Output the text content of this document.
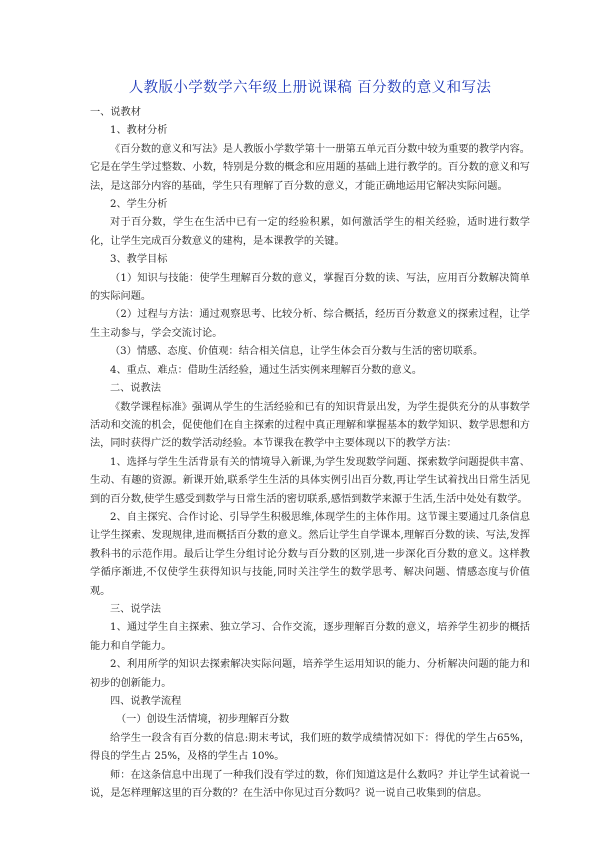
人教版小学数学六年级上册说课稿 百分数的意义和写法

一、说教材

1、教材分析

《百分数的意义和写法》是人教版小学数学第十一册第五单元百分数中较为重要的教学内容。它是在学生学过整数、小数，特别是分数的概念和应用题的基础上进行教学的。百分数的意义和写法，是这部分内容的基础，学生只有理解了百分数的意义，才能正确地运用它解决实际问题。

2、学生分析

对于百分数，学生在生活中已有一定的经验积累，如何激活学生的相关经验，适时进行数学化，让学生完成百分数意义的建构，是本课教学的关键。

3、教学目标

（1）知识与技能：使学生理解百分数的意义，掌握百分数的读、写法，应用百分数解决简单的实际问题。

（2）过程与方法：通过观察思考、比较分析、综合概括，经历百分数意义的探索过程，让学生主动参与，学会交流讨论。

（3）情感、态度、价值观：结合相关信息，让学生体会百分数与生活的密切联系。

4、重点、难点：借助生活经验，通过生活实例来理解百分数的意义。

二、说教法

《数学课程标准》强调从学生的生活经验和已有的知识背景出发，为学生提供充分的从事数学活动和交流的机会，促使他们在自主探索的过程中真正理解和掌握基本的数学知识、数学思想和方法，同时获得广泛的数学活动经验。本节课我在教学中主要体现以下的教学方法：

1、选择与学生生活背景有关的情境导入新课,为学生发现数学问题、探索数学问题提供丰富、生动、有趣的资源。新课开始,联系学生生活的具体实例引出百分数,再让学生试着找出日常生活见到的百分数,使学生感受到数学与日常生活的密切联系,感悟到数学来源于生活,生活中处处有数学。

2、自主探究、合作讨论、引导学生积极思维,体现学生的主体作用。这节课主要通过几条信息让学生探索、发现规律,进而概括百分数的意义。然后让学生自学课本,理解百分数的读、写法,发挥教科书的示范作用。最后让学生分组讨论分数与百分数的区别,进一步深化百分数的意义。这样教学循序渐进,不仅使学生获得知识与技能,同时关注学生的数学思考、解决问题、情感态度与价值观。

三、说学法

1、通过学生自主探索、独立学习、合作交流，逐步理解百分数的意义，培养学生初步的概括能力和自学能力。

2、利用所学的知识去探索解决实际问题，培养学生运用知识的能力、分析解决问题的能力和初步的创新能力。

四、说教学流程

（一）创设生活情境，初步理解百分数

给学生一段含有百分数的信息:期末考试，我们班的数学成绩情况如下：得优的学生占65%，得良的学生占 25%，及格的学生占 10%。

师：在这条信息中出现了一种我们没有学过的数，你们知道这是什么数吗？并让学生试着说一说，是怎样理解这里的百分数的？在生活中你见过百分数吗？说一说自己收集到的信息。
